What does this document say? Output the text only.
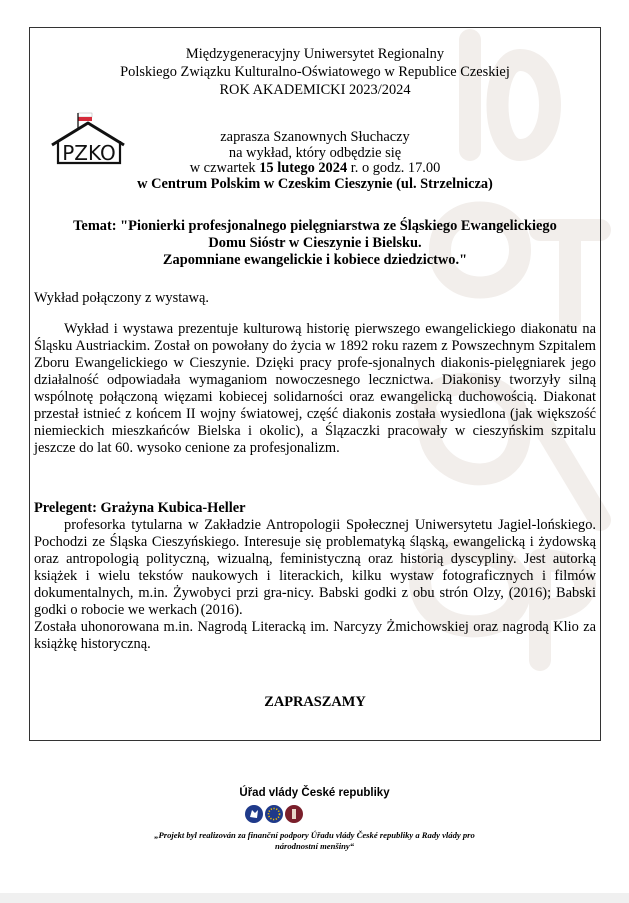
Międzygeneracyjny Uniwersytet Regionalny
Polskiego Związku Kulturalno-Oświatowego w Republice Czeskiej
ROK AKADEMICKI 2023/2024
PZKO
zaprasza Szanownych Słuchaczy
na wykład, który odbędzie się
w czwartek 15 lutego 2024 r. o godz. 17.00
w Centrum Polskim w Czeskim Cieszynie (ul. Strzelnicza)
Temat: "Pionierki profesjonalnego pielęgniarstwa ze Śląskiego Ewangelickiego
Domu Sióstr w Cieszynie i Bielsku.
Zapomniane ewangelickie i kobiece dziedzictwo."
Wykład połączony z wystawą.
Wykład i wystawa prezentuje kulturową historię pierwszego ewangelickiego diakonatu na Śląsku Austriackim. Został on powołany do życia w 1892 roku razem z Powszechnym Szpitalem Zboru Ewangelickiego w Cieszynie. Dzięki pracy profe-sjonalnych diakonis-pielęgniarek jego działalność odpowiadała wymaganiom nowoczesnego lecznictwa. Diakonisy tworzyły silną wspólnotę połączoną więzami kobiecej solidarności oraz ewangelicką duchowością. Diakonat przestał istnieć z końcem II wojny światowej, część diakonis została wysiedlona (jak większość niemieckich mieszkańców Bielska i okolic), a Ślązaczki pracowały w cieszyńskim szpitalu jeszcze do lat 60. wysoko cenione za profesjonalizm.
Prelegent: Grażyna Kubica-Heller
profesorka tytularna w Zakładzie Antropologii Społecznej Uniwersytetu Jagiel-lońskiego. Pochodzi ze Śląska Cieszyńskiego. Interesuje się problematyką śląską, ewangelicką i żydowską oraz antropologią polityczną, wizualną, feministyczną oraz historią dyscypliny. Jest autorką książek i wielu tekstów naukowych i literackich, kilku wystaw fotograficznych i filmów dokumentalnych, m.in. Żywobyci przi gra-nicy. Babski godki z obu strón Olzy, (2016); Babski godki o robocie we werkach (2016).
Została uhonorowana m.in. Nagrodą Literacką im. Narcyzy Żmichowskiej oraz nagrodą Klio za książkę historyczną.
ZAPRASZAMY
Úřad vlády České republiky
„Projekt byl realizován za finanční podpory Úřadu vlády České republiky a Rady vlády pro
národnostní menšiny“
